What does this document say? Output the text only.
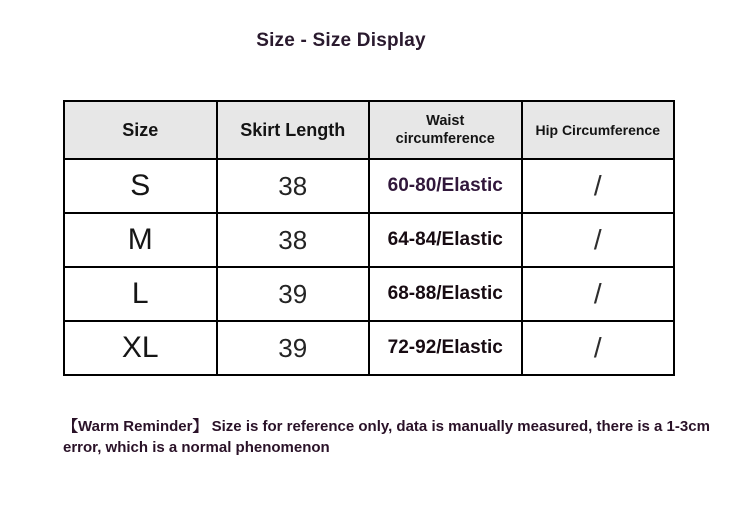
Size - Size Display
Size	Skirt Length	Waist circumference	Hip Circumference
S	38	60-80/Elastic	/
M	38	64-84/Elastic	/
L	39	68-88/Elastic	/
XL	39	72-92/Elastic	/

【Warm Reminder】 Size is for reference only, data is manually measured, there is a 1-3cm error, which is a normal phenomenon
